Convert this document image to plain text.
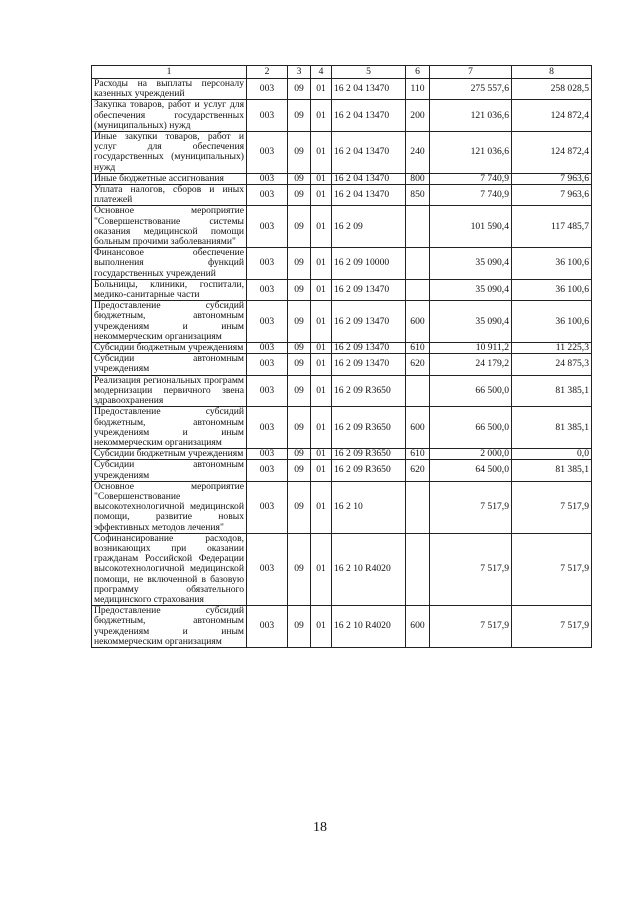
1	2	3	4	5	6	7	8
Расходы на выплаты персоналу казенных учреждений	003	09	01	16 2 04 13470	110	275 557,6	258 028,5
Закупка товаров, работ и услуг для обеспечения государственных (муниципальных) нужд	003	09	01	16 2 04 13470	200	121 036,6	124 872,4
Иные закупки товаров, работ и услуг для обеспечения государственных (муниципальных) нужд	003	09	01	16 2 04 13470	240	121 036,6	124 872,4
Иные бюджетные ассигнования	003	09	01	16 2 04 13470	800	7 740,9	7 963,6
Уплата налогов, сборов и иных платежей	003	09	01	16 2 04 13470	850	7 740,9	7 963,6
Основное мероприятие "Совершенствование системы оказания медицинской помощи больным прочими заболеваниями"	003	09	01	16 2 09		101 590,4	117 485,7
Финансовое обеспечение выполнения функций государственных учреждений	003	09	01	16 2 09 10000		35 090,4	36 100,6
Больницы, клиники, госпитали, медико-санитарные части	003	09	01	16 2 09 13470		35 090,4	36 100,6
Предоставление субсидий бюджетным, автономным учреждениям и иным некоммерческим организациям	003	09	01	16 2 09 13470	600	35 090,4	36 100,6
Субсидии бюджетным учреждениям	003	09	01	16 2 09 13470	610	10 911,2	11 225,3
Субсидии автономным учреждениям	003	09	01	16 2 09 13470	620	24 179,2	24 875,3
Реализация региональных программ модернизации первичного звена здравоохранения	003	09	01	16 2 09 R3650		66 500,0	81 385,1
Предоставление субсидий бюджетным, автономным учреждениям и иным некоммерческим организациям	003	09	01	16 2 09 R3650	600	66 500,0	81 385,1
Субсидии бюджетным учреждениям	003	09	01	16 2 09 R3650	610	2 000,0	0,0
Субсидии автономным учреждениям	003	09	01	16 2 09 R3650	620	64 500,0	81 385,1
Основное мероприятие "Совершенствование высокотехнологичной медицинской помощи, развитие новых эффективных методов лечения"	003	09	01	16 2 10		7 517,9	7 517,9
Софинансирование расходов, возникающих при оказании гражданам Российской Федерации высокотехнологичной медицинской помощи, не включенной в базовую программу обязательного медицинского страхования	003	09	01	16 2 10 R4020		7 517,9	7 517,9
Предоставление субсидий бюджетным, автономным учреждениям и иным некоммерческим организациям	003	09	01	16 2 10 R4020	600	7 517,9	7 517,9
18
